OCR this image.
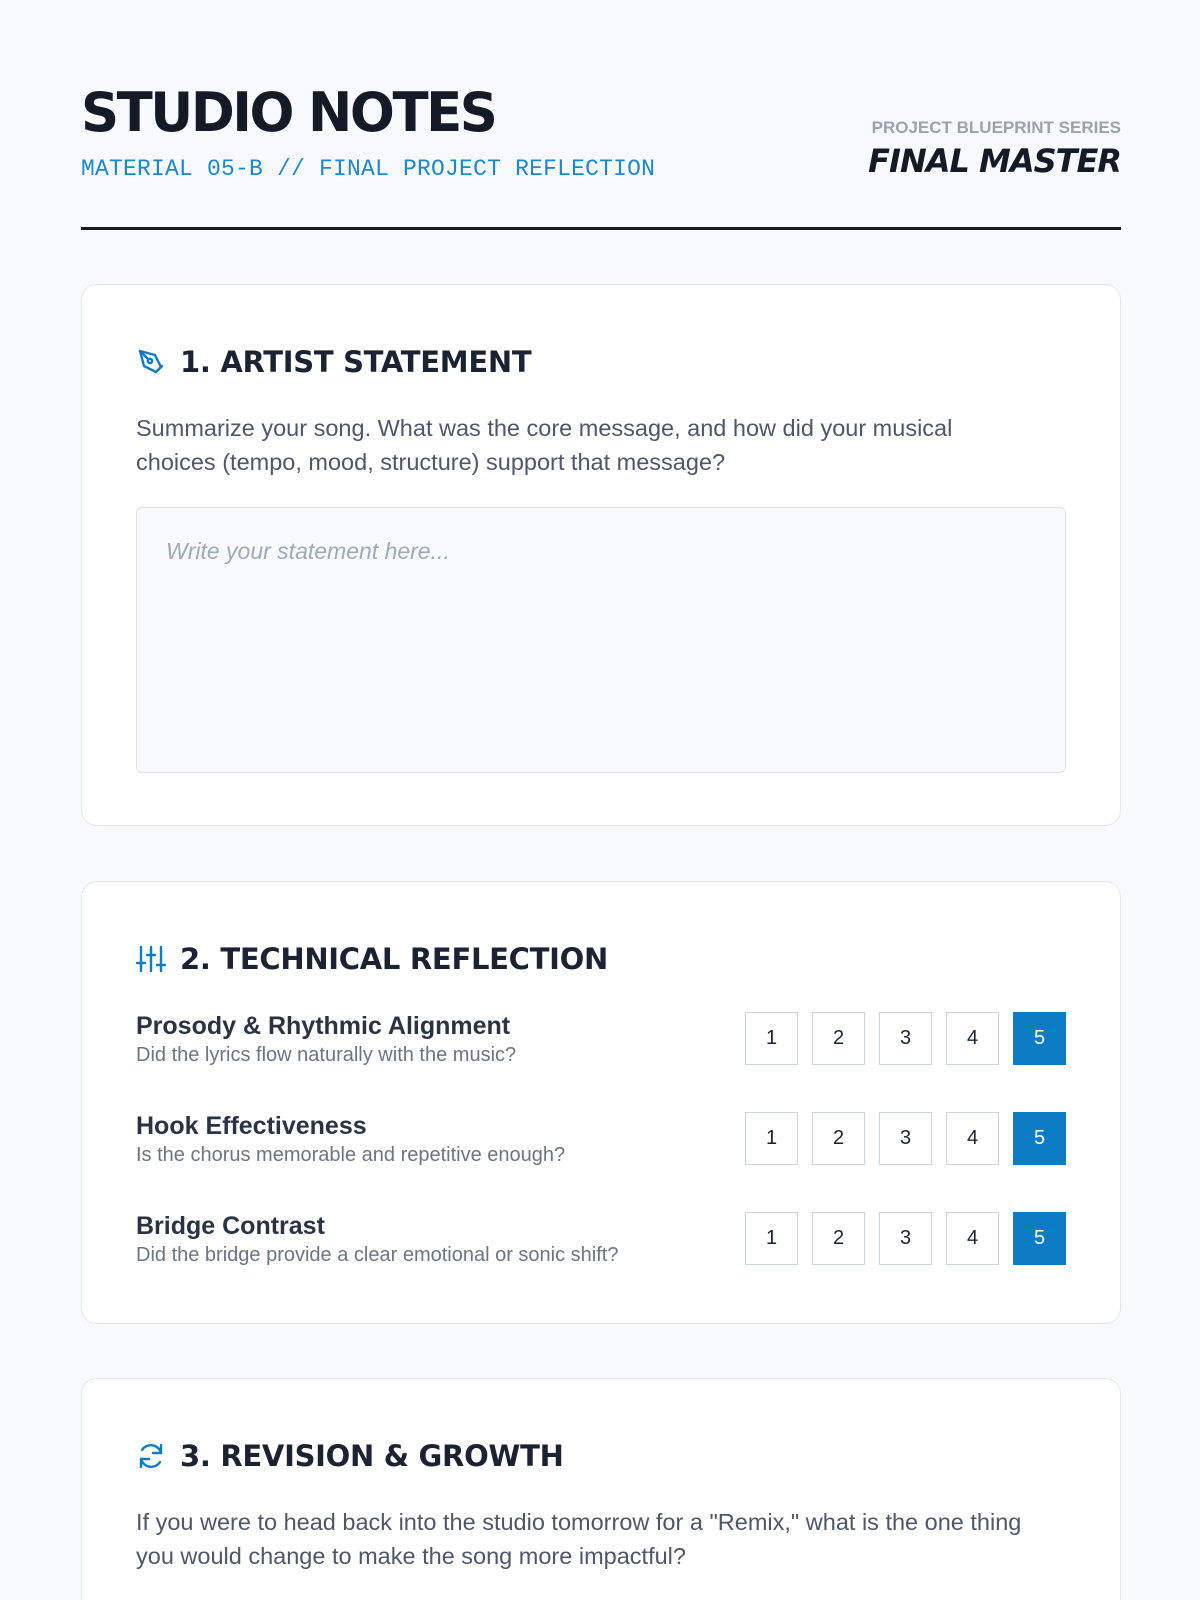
STUDIO NOTES
MATERIAL 05-B // FINAL PROJECT REFLECTION
PROJECT BLUEPRINT SERIES
FINAL MASTER
1. ARTIST STATEMENT
Summarize your song. What was the core message, and how did your musical choices (tempo, mood, structure) support that message?
Write your statement here...
2. TECHNICAL REFLECTION
Prosody & Rhythmic Alignment
Did the lyrics flow naturally with the music?
1	2	3	4	5
Hook Effectiveness
Is the chorus memorable and repetitive enough?
1	2	3	4	5
Bridge Contrast
Did the bridge provide a clear emotional or sonic shift?
1	2	3	4	5
3. REVISION & GROWTH
If you were to head back into the studio tomorrow for a "Remix," what is the one thing you would change to make the song more impactful?
